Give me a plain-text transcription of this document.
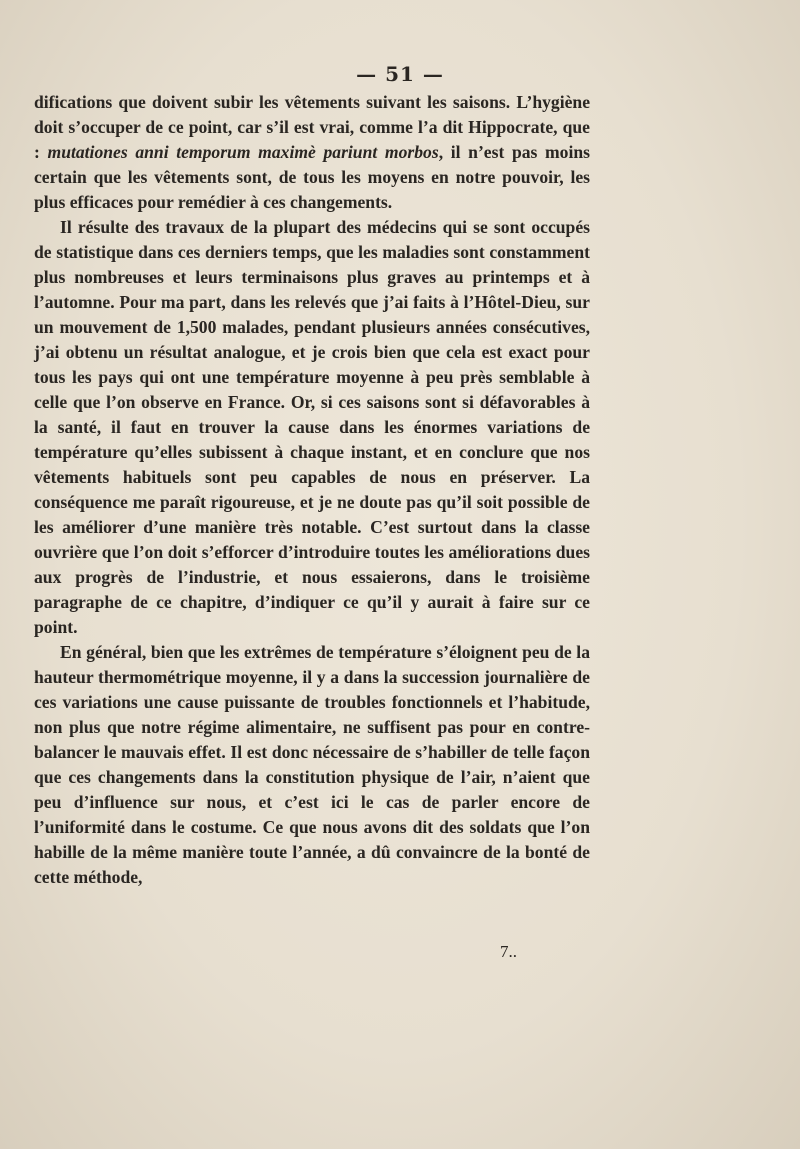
— 51 —

difications que doivent subir les vêtements suivant les saisons. L’hygiène doit s’occuper de ce point, car s’il est vrai, comme l’a dit Hippocrate, que : mutationes anni temporum maximè pariunt morbos, il n’est pas moins certain que les vêtements sont, de tous les moyens en notre pouvoir, les plus efficaces pour remédier à ces changements.

Il résulte des travaux de la plupart des médecins qui se sont occupés de statistique dans ces derniers temps, que les maladies sont constamment plus nombreuses et leurs terminaisons plus graves au printemps et à l’automne. Pour ma part, dans les relevés que j’ai faits à l’Hôtel-Dieu, sur un mouvement de 1,500 malades, pendant plusieurs années consécutives, j’ai obtenu un résultat analogue, et je crois bien que cela est exact pour tous les pays qui ont une température moyenne à peu près semblable à celle que l’on observe en France. Or, si ces saisons sont si défavorables à la santé, il faut en trouver la cause dans les énormes variations de température qu’elles subissent à chaque instant, et en conclure que nos vêtements habituels sont peu capables de nous en préserver. La conséquence me paraît rigoureuse, et je ne doute pas qu’il soit possible de les améliorer d’une manière très notable. C’est surtout dans la classe ouvrière que l’on doit s’efforcer d’introduire toutes les améliorations dues aux progrès de l’industrie, et nous essaierons, dans le troisième paragraphe de ce chapitre, d’indiquer ce qu’il y aurait à faire sur ce point.

En général, bien que les extrêmes de température s’éloignent peu de la hauteur thermométrique moyenne, il y a dans la succession journalière de ces variations une cause puissante de troubles fonctionnels et l’habitude, non plus que notre régime alimentaire, ne suffisent pas pour en contre-balancer le mauvais effet. Il est donc nécessaire de s’habiller de telle façon que ces changements dans la constitution physique de l’air, n’aient que peu d’influence sur nous, et c’est ici le cas de parler encore de l’uniformité dans le costume. Ce que nous avons dit des soldats que l’on habille de la même manière toute l’année, a dû convaincre de la bonté de cette méthode,

7..
